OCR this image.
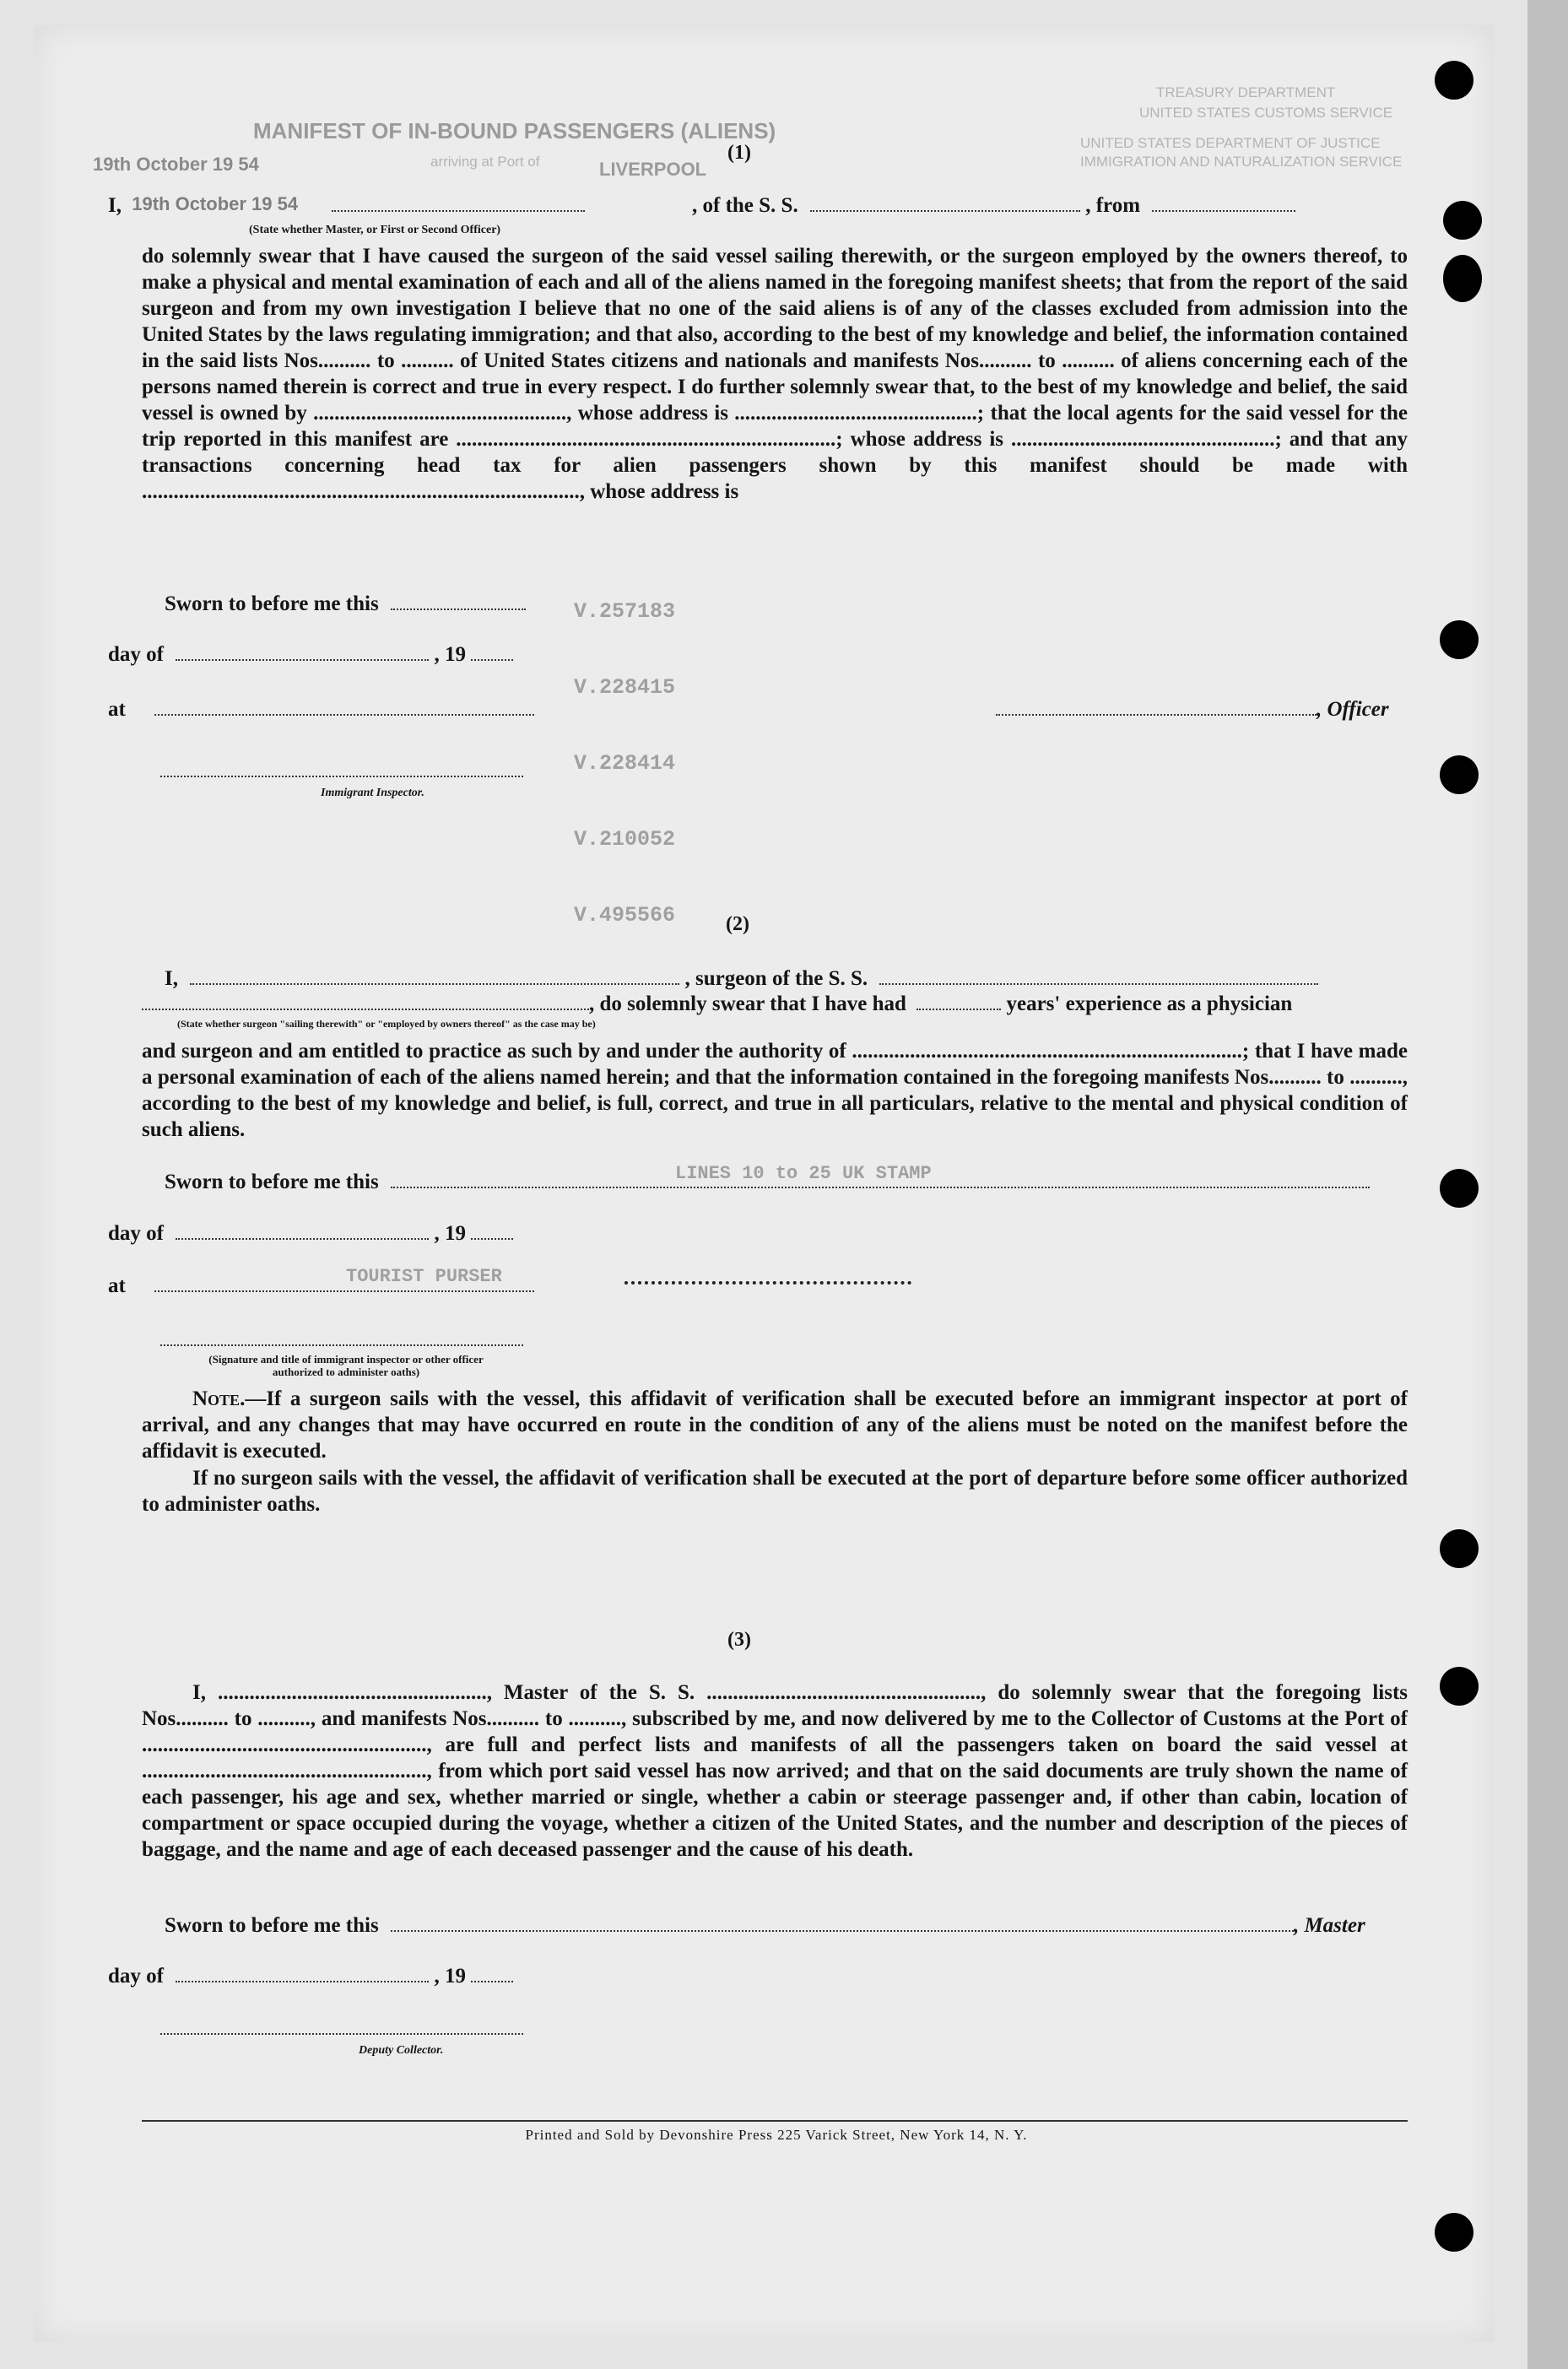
MANIFEST OF IN-BOUND PASSENGERS (ALIENS)
arriving at Port of
19th October 19 54	LIVERPOOL
TREASURY DEPARTMENT
UNITED STATES CUSTOMS SERVICE
UNITED STATES DEPARTMENT OF JUSTICE
IMMIGRATION AND NATURALIZATION SERVICE
(1)
I, 19th October 19 54	, of the S. S.	, from
(State whether Master, or First or Second Officer)
do solemnly swear that I have caused the surgeon of the said vessel sailing therewith, or the surgeon employed by the owners thereof, to make a physical and mental examination of each and all of the aliens named in the foregoing manifest sheets; that from the report of the said surgeon and from my own investigation I believe that no one of the said aliens is of any of the classes excluded from admission into the United States by the laws regulating immigration; and that also, according to the best of my knowledge and belief, the information contained in the said lists Nos.......... to .......... of United States citizens and nationals and manifests Nos.......... to .......... of aliens concerning each of the persons named therein is correct and true in every respect. I do further solemnly swear that, to the best of my knowledge and belief, the said vessel is owned by ................................................, whose address is ..............................................; that the local agents for the said vessel for the trip reported in this manifest are ........................................................................; whose address is ..................................................; and that any transactions concerning head tax for alien passengers shown by this manifest should be made with ..................................................................................., whose address is
Sworn to before me this
day of	, 19
at	, Officer
Immigrant Inspector.
V.257183
V.228415
V.228414
V.210052
V.495566 (2)
I,	, surgeon of the S. S.
, do solemnly swear that I have had	years' experience as a physician
(State whether surgeon "sailing therewith" or "employed by owners thereof" as the case may be)
and surgeon and am entitled to practice as such by and under the authority of ..........................................................................; that I have made a personal examination of each of the aliens named herein; and that the information contained in the foregoing manifests Nos.......... to .........., according to the best of my knowledge and belief, is full, correct, and true in all particulars, relative to the mental and physical condition of such aliens.
Sworn to before me this	LINES 10 to 25 UK STAMP
day of	, 19
at	TOURIST PURSER
(Signature and title of immigrant inspector or other officer authorized to administer oaths)
Note.—If a surgeon sails with the vessel, this affidavit of verification shall be executed before an immigrant inspector at port of arrival, and any changes that may have occurred en route in the condition of any of the aliens must be noted on the manifest before the affidavit is executed.
If no surgeon sails with the vessel, the affidavit of verification shall be executed at the port of departure before some officer authorized to administer oaths.
(3)
I, ..................................................., Master of the S. S. ...................................................., do solemnly swear that the foregoing lists Nos.......... to .........., and manifests Nos.......... to .........., subscribed by me, and now delivered by me to the Collector of Customs at the Port of ......................................................, are full and perfect lists and manifests of all the passengers taken on board the said vessel at ......................................................, from which port said vessel has now arrived; and that on the said documents are truly shown the name of each passenger, his age and sex, whether married or single, whether a cabin or steerage passenger and, if other than cabin, location of compartment or space occupied during the voyage, whether a citizen of the United States, and the number and description of the pieces of baggage, and the name and age of each deceased passenger and the cause of his death.
Sworn to before me this	, Master
day of	, 19
Deputy Collector.
Printed and Sold by Devonshire Press 225 Varick Street, New York 14, N. Y.
